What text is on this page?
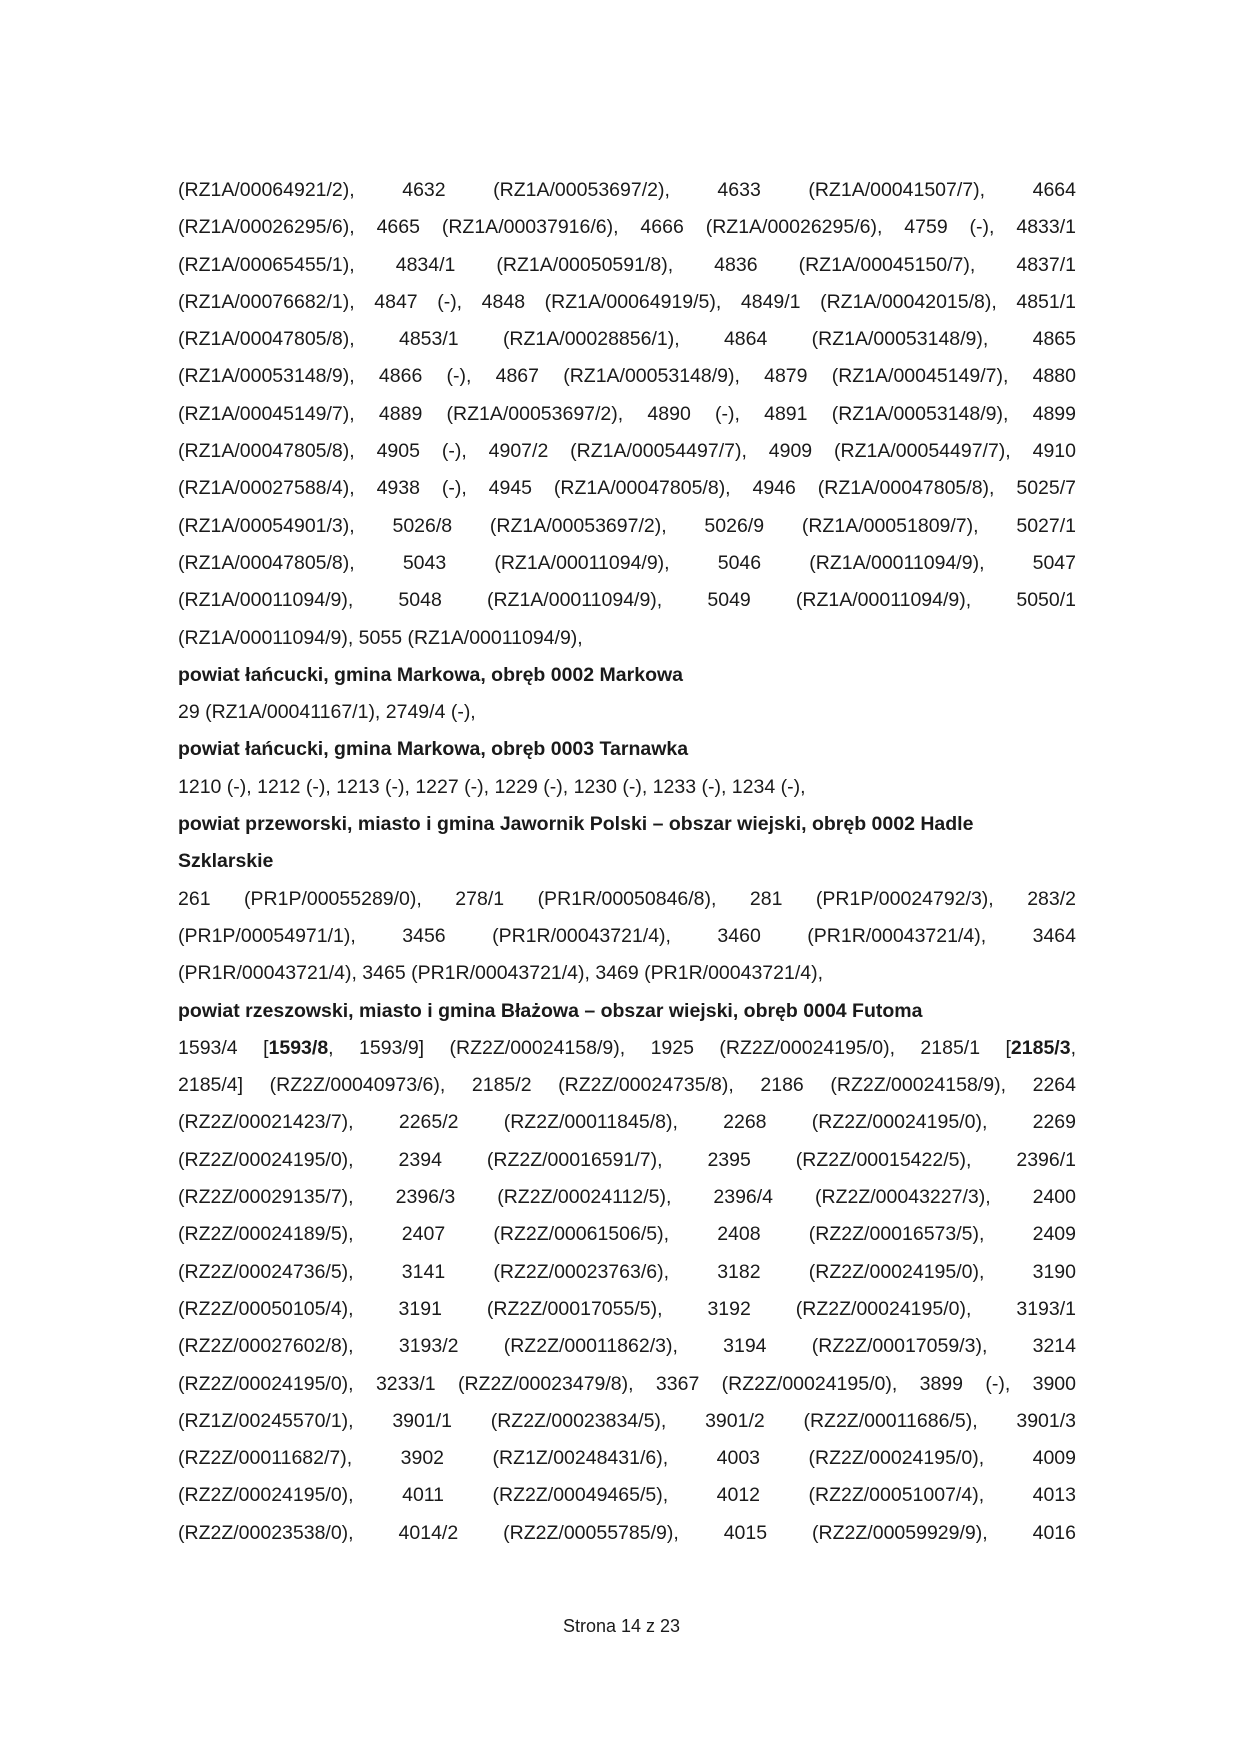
(RZ1A/00064921/2), 4632 (RZ1A/00053697/2), 4633 (RZ1A/00041507/7), 4664
(RZ1A/00026295/6), 4665 (RZ1A/00037916/6), 4666 (RZ1A/00026295/6), 4759 (-), 4833/1
(RZ1A/00065455/1), 4834/1 (RZ1A/00050591/8), 4836 (RZ1A/00045150/7), 4837/1
(RZ1A/00076682/1), 4847 (-), 4848 (RZ1A/00064919/5), 4849/1 (RZ1A/00042015/8), 4851/1
(RZ1A/00047805/8), 4853/1 (RZ1A/00028856/1), 4864 (RZ1A/00053148/9), 4865
(RZ1A/00053148/9), 4866 (-), 4867 (RZ1A/00053148/9), 4879 (RZ1A/00045149/7), 4880
(RZ1A/00045149/7), 4889 (RZ1A/00053697/2), 4890 (-), 4891 (RZ1A/00053148/9), 4899
(RZ1A/00047805/8), 4905 (-), 4907/2 (RZ1A/00054497/7), 4909 (RZ1A/00054497/7), 4910
(RZ1A/00027588/4), 4938 (-), 4945 (RZ1A/00047805/8), 4946 (RZ1A/00047805/8), 5025/7
(RZ1A/00054901/3), 5026/8 (RZ1A/00053697/2), 5026/9 (RZ1A/00051809/7), 5027/1
(RZ1A/00047805/8), 5043 (RZ1A/00011094/9), 5046 (RZ1A/00011094/9), 5047
(RZ1A/00011094/9), 5048 (RZ1A/00011094/9), 5049 (RZ1A/00011094/9), 5050/1
(RZ1A/00011094/9), 5055 (RZ1A/00011094/9),
powiat łańcucki, gmina Markowa, obręb 0002 Markowa
29 (RZ1A/00041167/1), 2749/4 (-),
powiat łańcucki, gmina Markowa, obręb 0003 Tarnawka
1210 (-), 1212 (-), 1213 (-), 1227 (-), 1229 (-), 1230 (-), 1233 (-), 1234 (-),
powiat przeworski, miasto i gmina Jawornik Polski – obszar wiejski, obręb 0002 Hadle
Szklarskie
261 (PR1P/00055289/0), 278/1 (PR1R/00050846/8), 281 (PR1P/00024792/3), 283/2
(PR1P/00054971/1), 3456 (PR1R/00043721/4), 3460 (PR1R/00043721/4), 3464
(PR1R/00043721/4), 3465 (PR1R/00043721/4), 3469 (PR1R/00043721/4),
powiat rzeszowski, miasto i gmina Błażowa – obszar wiejski, obręb 0004 Futoma
1593/4 [1593/8, 1593/9] (RZ2Z/00024158/9), 1925 (RZ2Z/00024195/0), 2185/1 [2185/3,
2185/4] (RZ2Z/00040973/6), 2185/2 (RZ2Z/00024735/8), 2186 (RZ2Z/00024158/9), 2264
(RZ2Z/00021423/7), 2265/2 (RZ2Z/00011845/8), 2268 (RZ2Z/00024195/0), 2269
(RZ2Z/00024195/0), 2394 (RZ2Z/00016591/7), 2395 (RZ2Z/00015422/5), 2396/1
(RZ2Z/00029135/7), 2396/3 (RZ2Z/00024112/5), 2396/4 (RZ2Z/00043227/3), 2400
(RZ2Z/00024189/5), 2407 (RZ2Z/00061506/5), 2408 (RZ2Z/00016573/5), 2409
(RZ2Z/00024736/5), 3141 (RZ2Z/00023763/6), 3182 (RZ2Z/00024195/0), 3190
(RZ2Z/00050105/4), 3191 (RZ2Z/00017055/5), 3192 (RZ2Z/00024195/0), 3193/1
(RZ2Z/00027602/8), 3193/2 (RZ2Z/00011862/3), 3194 (RZ2Z/00017059/3), 3214
(RZ2Z/00024195/0), 3233/1 (RZ2Z/00023479/8), 3367 (RZ2Z/00024195/0), 3899 (-), 3900
(RZ1Z/00245570/1), 3901/1 (RZ2Z/00023834/5), 3901/2 (RZ2Z/00011686/5), 3901/3
(RZ2Z/00011682/7), 3902 (RZ1Z/00248431/6), 4003 (RZ2Z/00024195/0), 4009
(RZ2Z/00024195/0), 4011 (RZ2Z/00049465/5), 4012 (RZ2Z/00051007/4), 4013
(RZ2Z/00023538/0), 4014/2 (RZ2Z/00055785/9), 4015 (RZ2Z/00059929/9), 4016
Strona 14 z 23
